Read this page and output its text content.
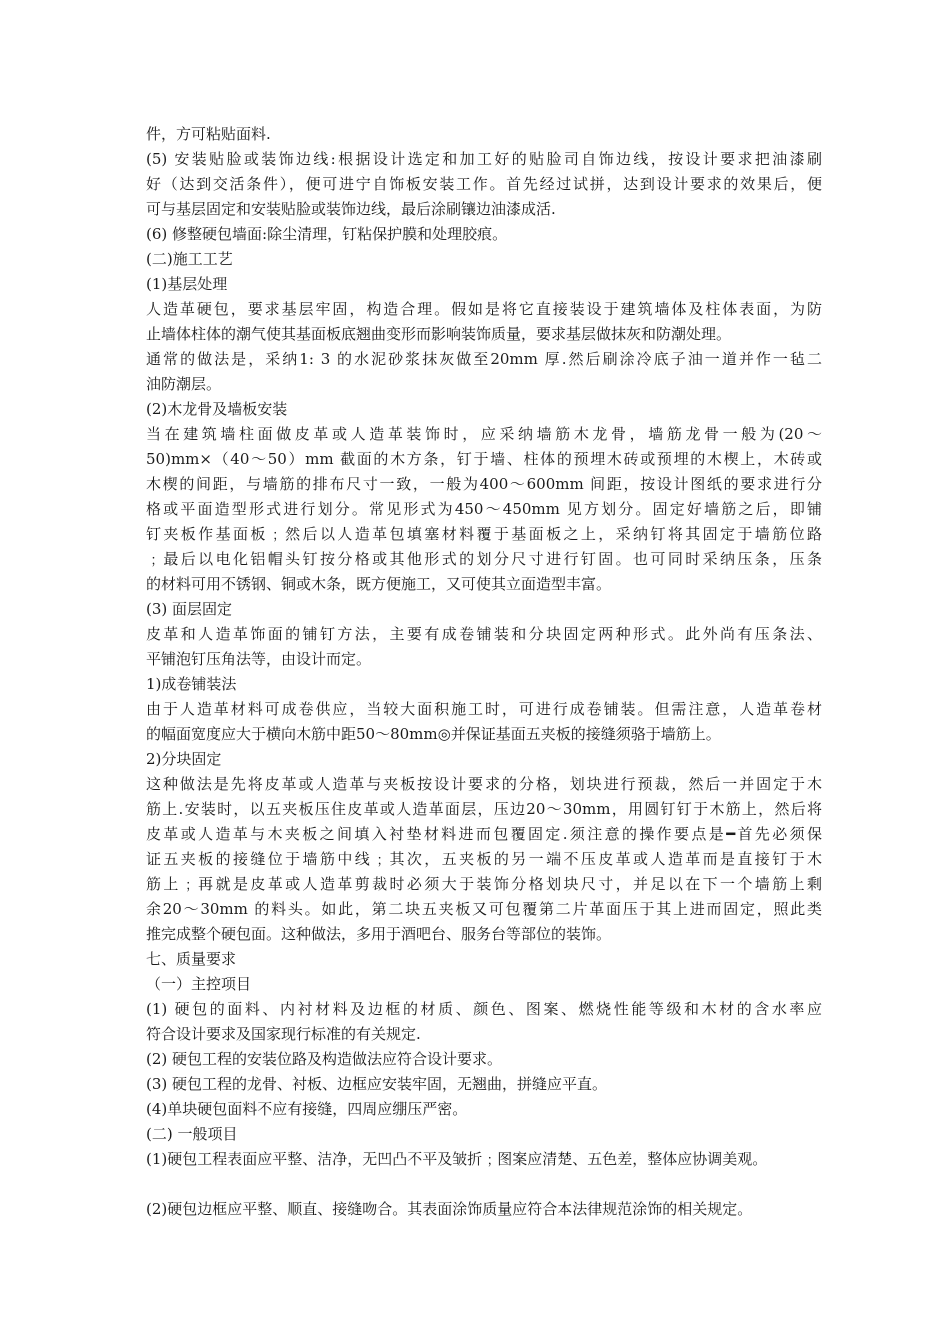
件，方可粘贴面料.

(5) 安装贴脸或装饰边线:根据设计选定和加工好的贴脸司自饰边线，按设计要求把油漆刷

好（达到交活条件），便可进宁自饰板安装工作。首先经过试拼，达到设计要求的效果后，便

可与基层固定和安装贴脸或装饰边线，最后涂刷镶边油漆成活.

(6) 修整硬包墙面:除尘清理，钉粘保护膜和处理胶痕。

(二)施工工艺

(1)基层处理

人造革硬包，要求基层牢固，构造合理。假如是将它直接装设于建筑墙体及柱体表面，为防

止墙体柱体的潮气使其基面板底翘曲变形而影响装饰质量，要求基层做抹灰和防潮处理。

通常的做法是，采纳1: 3 的水泥砂浆抹灰做至20mm 厚.然后刷涂冷底子油一道并作一毡二

油防潮层。

(2)木龙骨及墙板安装

当在建筑墙柱面做皮革或人造革装饰时，应采纳墙筋木龙骨，墙筋龙骨一般为(20～

50)mm×（40～50）mm 截面的木方条，钉于墙、柱体的预埋木砖或预埋的木楔上，木砖或

木楔的间距，与墙筋的排布尺寸一致，一般为400～600mm 间距，按设计图纸的要求进行分

格或平面造型形式进行划分。常见形式为450～450mm 见方划分。固定好墙筋之后，即铺

钉夹板作基面板﹔然后以人造革包填塞材料覆于基面板之上，采纳钉将其固定于墙筋位路

﹔最后以电化铝帽头钉按分格或其他形式的划分尺寸进行钉固。也可同时采纳压条，压条

的材料可用不锈钢、铜或木条，既方便施工，又可使其立面造型丰富。

(3) 面层固定

皮革和人造革饰面的铺钉方法，主要有成卷铺装和分块固定两种形式。此外尚有压条法、

平铺泡钉压角法等，由设计而定。

1)成卷铺装法

由于人造革材料可成卷供应，当较大面积施工时，可进行成卷铺装。但需注意，人造革卷材

的幅面宽度应大于横向木筋中距50～80mm◎并保证基面五夹板的接缝须骆于墙筋上。

2)分块固定

这种做法是先将皮革或人造革与夹板按设计要求的分格，划块进行预裁，然后一并固定于木

筋上.安装时，以五夹板压住皮革或人造革面层，压边20～30mm，用圆钉钉于木筋上，然后将

皮革或人造革与木夹板之间填入衬垫材料进而包覆固定.须注意的操作要点是━首先必须保

证五夹板的接缝位于墙筋中线﹔其次，五夹板的另一端不压皮革或人造革而是直接钉于木

筋上﹔再就是皮革或人造革剪裁时必须大于装饰分格划块尺寸，并足以在下一个墙筋上剩

余20～30mm 的料头。如此，第二块五夹板又可包覆第二片革面压于其上进而固定，照此类

推完成整个硬包面。这种做法，多用于酒吧台、服务台等部位的装饰。

七、质量要求

（一）主控项目

(1) 硬包的面料、内衬材料及边框的材质、颜色、图案、燃烧性能等级和木材的含水率应

符合设计要求及国家现行标准的有关规定.

(2) 硬包工程的安装位路及构造做法应符合设计要求。

(3) 硬包工程的龙骨、衬板、边框应安装牢固，无翘曲，拼缝应平直。

(4)单块硬包面料不应有接缝，四周应绷压严密。

(二) 一般项目

(1)硬包工程表面应平整、洁净，无凹凸不平及皱折﹔图案应清楚、五色差，整体应协调美观。

(2)硬包边框应平整、顺直、接缝吻合。其表面涂饰质量应符合本法律规范涂饰的相关规定。
